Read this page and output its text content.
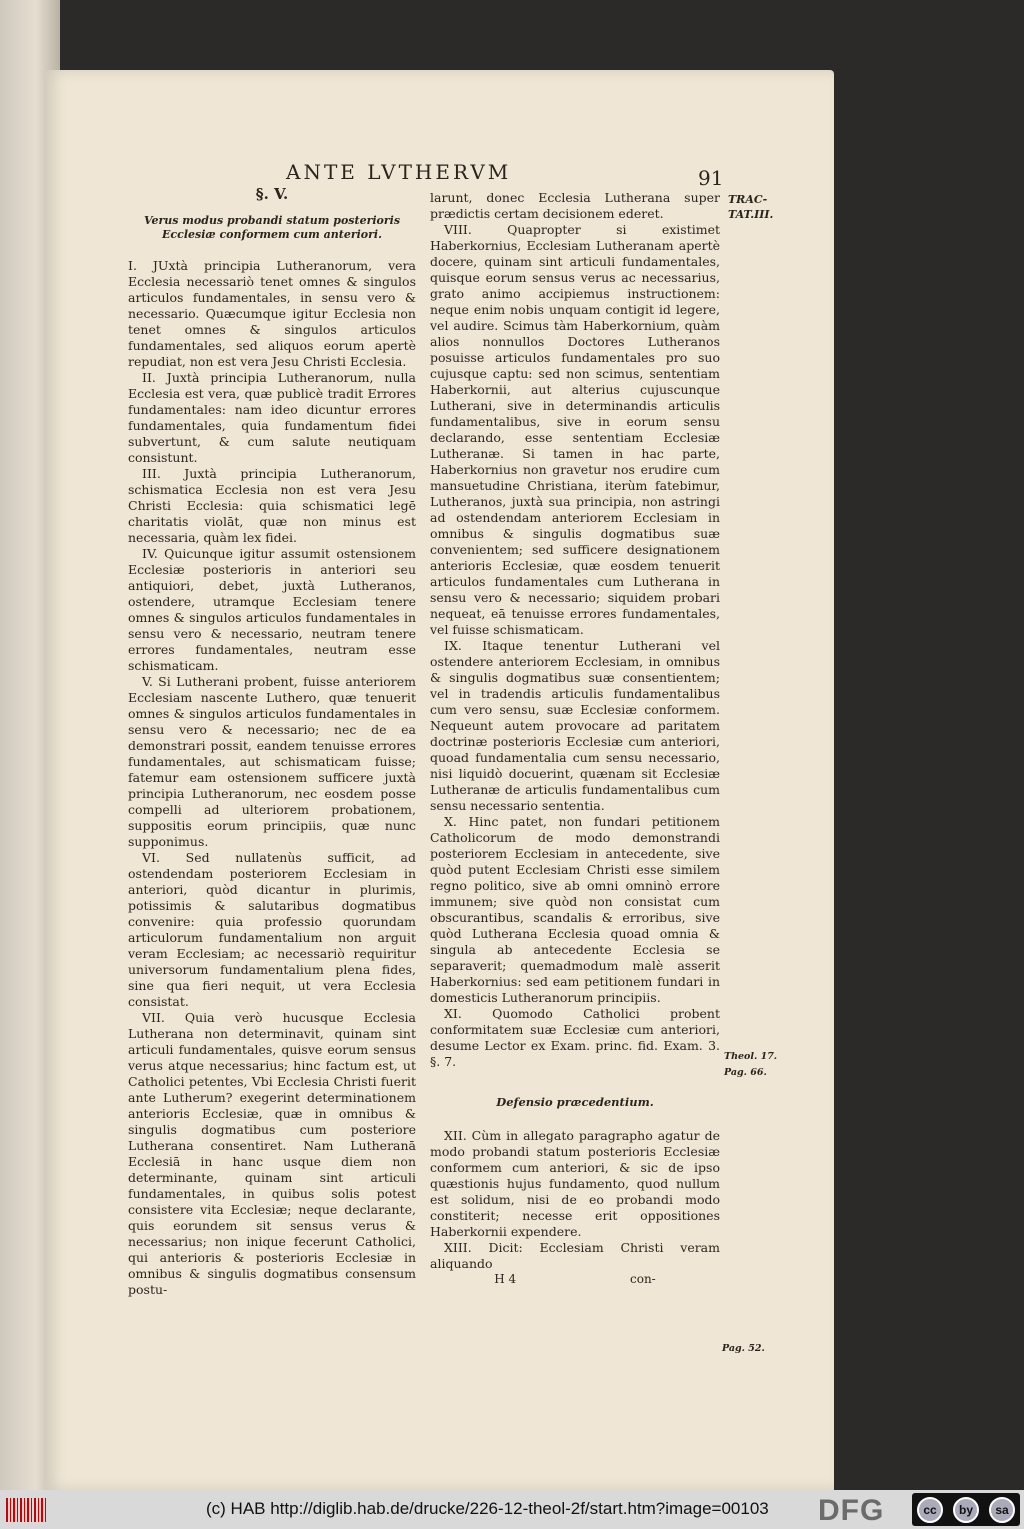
ANTE LVTHERVM	91
TRAC-
TAT.III.
§. V.
Verus modus probandi statum posterioris Ecclesiæ conformem cum anteriori.

I. JUxtà principia Lutheranorum, vera Ecclesia necessariò tenet omnes & singulos articulos fundamentales, in sensu vero & necessario. Quæcumque igitur Ecclesia non tenet omnes & singulos articulos fundamentales, sed aliquos eorum apertè repudiat, non est vera Jesu Christi Ecclesia.

II. Juxtà principia Lutheranorum, nulla Ecclesia est vera, quæ publicè tradit Errores fundamentales: nam ideo dicuntur errores fundamentales, quia fundamentum fidei subvertunt, & cum salute neutiquam consistunt.

III. Juxtà principia Lutheranorum, schismatica Ecclesia non est vera Jesu Christi Ecclesia: quia schismatici legē charitatis violāt, quæ non minus est necessaria, quàm lex fidei.

IV. Quicunque igitur assumit ostensionem Ecclesiæ posterioris in anteriori seu antiquiori, debet, juxtà Lutheranos, ostendere, utramque Ecclesiam tenere omnes & singulos articulos fundamentales in sensu vero & necessario, neutram tenere errores fundamentales, neutram esse schismaticam.

V. Si Lutherani probent, fuisse anteriorem Ecclesiam nascente Luthero, quæ tenuerit omnes & singulos articulos fundamentales in sensu vero & necessario; nec de ea demonstrari possit, eandem tenuisse errores fundamentales, aut schismaticam fuisse; fatemur eam ostensionem sufficere juxtà principia Lutheranorum, nec eosdem posse compelli ad ulteriorem probationem, suppositis eorum principiis, quæ nunc supponimus.

VI. Sed nullatenùs sufficit, ad ostendendam posteriorem Ecclesiam in anteriori, quòd dicantur in plurimis, potissimis & salutaribus dogmatibus convenire: quia professio quorundam articulorum fundamentalium non arguit veram Ecclesiam; ac necessariò requiritur universorum fundamentalium plena fides, sine qua fieri nequit, ut vera Ecclesia consistat.

VII. Quia verò hucusque Ecclesia Lutherana non determinavit, quinam sint articuli fundamentales, quisve eorum sensus verus atque necessarius; hinc factum est, ut Catholici petentes, Vbi Ecclesia Christi fuerit ante Lutherum? exegerint determinationem anterioris Ecclesiæ, quæ in omnibus & singulis dogmatibus cum posteriore Lutherana consentiret. Nam Lutheranā Ecclesiā in hanc usque diem non determinante, quinam sint articuli fundamentales, in quibus solis potest consistere vita Ecclesiæ; neque declarante, quis eorundem sit sensus verus & necessarius; non inique fecerunt Catholici, qui anterioris & posterioris Ecclesiæ in omnibus & singulis dogmatibus consensum postu-

larunt, donec Ecclesia Lutherana super prædictis certam decisionem ederet.

VIII. Quapropter si existimet Haberkornius, Ecclesiam Lutheranam apertè docere, quinam sint articuli fundamentales, quisque eorum sensus verus ac necessarius, grato animo accipiemus instructionem: neque enim nobis unquam contigit id legere, vel audire. Scimus tàm Haberkornium, quàm alios nonnullos Doctores Lutheranos posuisse articulos fundamentales pro suo cujusque captu: sed non scimus, sententiam Haberkornii, aut alterius cujuscunque Lutherani, sive in determinandis articulis fundamentalibus, sive in eorum sensu declarando, esse sententiam Ecclesiæ Lutheranæ. Si tamen in hac parte, Haberkornius non gravetur nos erudire cum mansuetudine Christiana, iterùm fatebimur, Lutheranos, juxtà sua principia, non astringi ad ostendendam anteriorem Ecclesiam in omnibus & singulis dogmatibus suæ convenientem; sed sufficere designationem anterioris Ecclesiæ, quæ eosdem tenuerit articulos fundamentales cum Lutherana in sensu vero & necessario; siquidem probari nequeat, eā tenuisse errores fundamentales, vel fuisse schismaticam.

IX. Itaque tenentur Lutherani vel ostendere anteriorem Ecclesiam, in omnibus & singulis dogmatibus suæ consentientem; vel in tradendis articulis fundamentalibus cum vero sensu, suæ Ecclesiæ conformem. Nequeunt autem provocare ad paritatem doctrinæ posterioris Ecclesiæ cum anteriori, quoad fundamentalia cum sensu necessario, nisi liquidò docuerint, quænam sit Ecclesiæ Lutheranæ de articulis fundamentalibus cum sensu necessario sententia.

X. Hinc patet, non fundari petitionem Catholicorum de modo demonstrandi posteriorem Ecclesiam in antecedente, sive quòd putent Ecclesiam Christi esse similem regno politico, sive ab omni omninò errore immunem; sive quòd non consistat cum obscurantibus, scandalis & erroribus, sive quòd Lutherana Ecclesia quoad omnia & singula ab antecedente Ecclesia se separaverit; quemadmodum malè asserit Haberkornius: sed eam petitionem fundari in domesticis Lutheranorum principiis.

XI. Quomodo Catholici probent conformitatem suæ Ecclesiæ cum anteriori, desume Lector ex Exam. princ. fid. Exam. 3. §. 7.

Defensio præcedentium.

XII. Cùm in allegato paragrapho agatur de modo probandi statum posterioris Ecclesiæ conformem cum anteriori, & sic de ipso quæstionis hujus fundamento, quod nullum est solidum, nisi de eo probandi modo constiterit; necesse erit oppositiones Haberkornii expendere.

XIII. Dicit: Ecclesiam Christi veram aliquando

H 4	con-
Theol. 17.
Pag. 66.
Pag. 52.
(c) HAB http://diglib.hab.de/drucke/226-12-theol-2f/start.htm?image=00103 DFG	cc	by	sa
